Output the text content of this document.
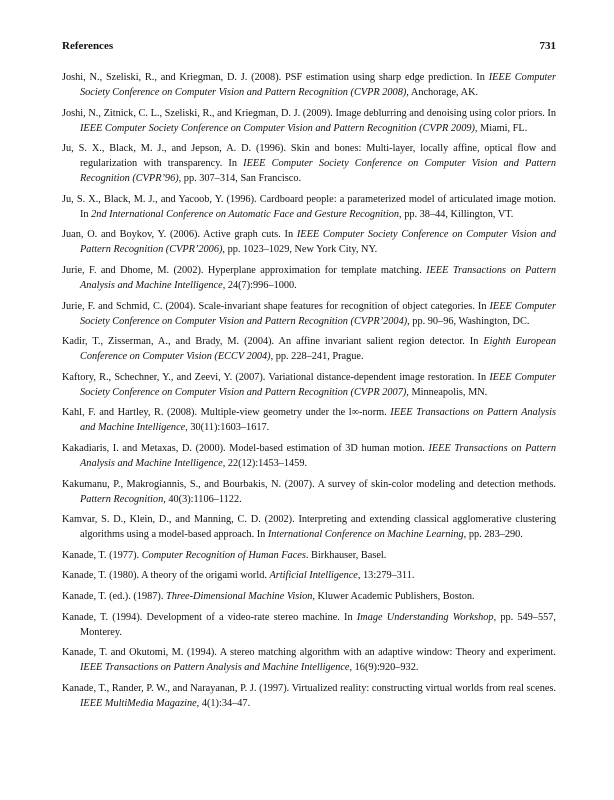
References	731

Joshi, N., Szeliski, R., and Kriegman, D. J. (2008). PSF estimation using sharp edge prediction. In IEEE Computer Society Conference on Computer Vision and Pattern Recognition (CVPR 2008), Anchorage, AK.

Joshi, N., Zitnick, C. L., Szeliski, R., and Kriegman, D. J. (2009). Image deblurring and denoising using color priors. In IEEE Computer Society Conference on Computer Vision and Pattern Recognition (CVPR 2009), Miami, FL.

Ju, S. X., Black, M. J., and Jepson, A. D. (1996). Skin and bones: Multi-layer, locally affine, optical flow and regularization with transparency. In IEEE Computer Society Conference on Computer Vision and Pattern Recognition (CVPR’96), pp. 307–314, San Francisco.

Ju, S. X., Black, M. J., and Yacoob, Y. (1996). Cardboard people: a parameterized model of articulated image motion. In 2nd International Conference on Automatic Face and Gesture Recognition, pp. 38–44, Killington, VT.

Juan, O. and Boykov, Y. (2006). Active graph cuts. In IEEE Computer Society Conference on Computer Vision and Pattern Recognition (CVPR’2006), pp. 1023–1029, New York City, NY.

Jurie, F. and Dhome, M. (2002). Hyperplane approximation for template matching. IEEE Transactions on Pattern Analysis and Machine Intelligence, 24(7):996–1000.

Jurie, F. and Schmid, C. (2004). Scale-invariant shape features for recognition of object categories. In IEEE Computer Society Conference on Computer Vision and Pattern Recognition (CVPR’2004), pp. 90–96, Washington, DC.

Kadir, T., Zisserman, A., and Brady, M. (2004). An affine invariant salient region detector. In Eighth European Conference on Computer Vision (ECCV 2004), pp. 228–241, Prague.

Kaftory, R., Schechner, Y., and Zeevi, Y. (2007). Variational distance-dependent image restoration. In IEEE Computer Society Conference on Computer Vision and Pattern Recognition (CVPR 2007), Minneapolis, MN.

Kahl, F. and Hartley, R. (2008). Multiple-view geometry under the l∞-norm. IEEE Transactions on Pattern Analysis and Machine Intelligence, 30(11):1603–1617.

Kakadiaris, I. and Metaxas, D. (2000). Model-based estimation of 3D human motion. IEEE Transactions on Pattern Analysis and Machine Intelligence, 22(12):1453–1459.

Kakumanu, P., Makrogiannis, S., and Bourbakis, N. (2007). A survey of skin-color modeling and detection methods. Pattern Recognition, 40(3):1106–1122.

Kamvar, S. D., Klein, D., and Manning, C. D. (2002). Interpreting and extending classical agglomerative clustering algorithms using a model-based approach. In International Conference on Machine Learning, pp. 283–290.

Kanade, T. (1977). Computer Recognition of Human Faces. Birkhauser, Basel.

Kanade, T. (1980). A theory of the origami world. Artificial Intelligence, 13:279–311.

Kanade, T. (ed.). (1987). Three-Dimensional Machine Vision, Kluwer Academic Publishers, Boston.

Kanade, T. (1994). Development of a video-rate stereo machine. In Image Understanding Workshop, pp. 549–557, Monterey.

Kanade, T. and Okutomi, M. (1994). A stereo matching algorithm with an adaptive window: Theory and experiment. IEEE Transactions on Pattern Analysis and Machine Intelligence, 16(9):920–932.

Kanade, T., Rander, P. W., and Narayanan, P. J. (1997). Virtualized reality: constructing virtual worlds from real scenes. IEEE MultiMedia Magazine, 4(1):34–47.
